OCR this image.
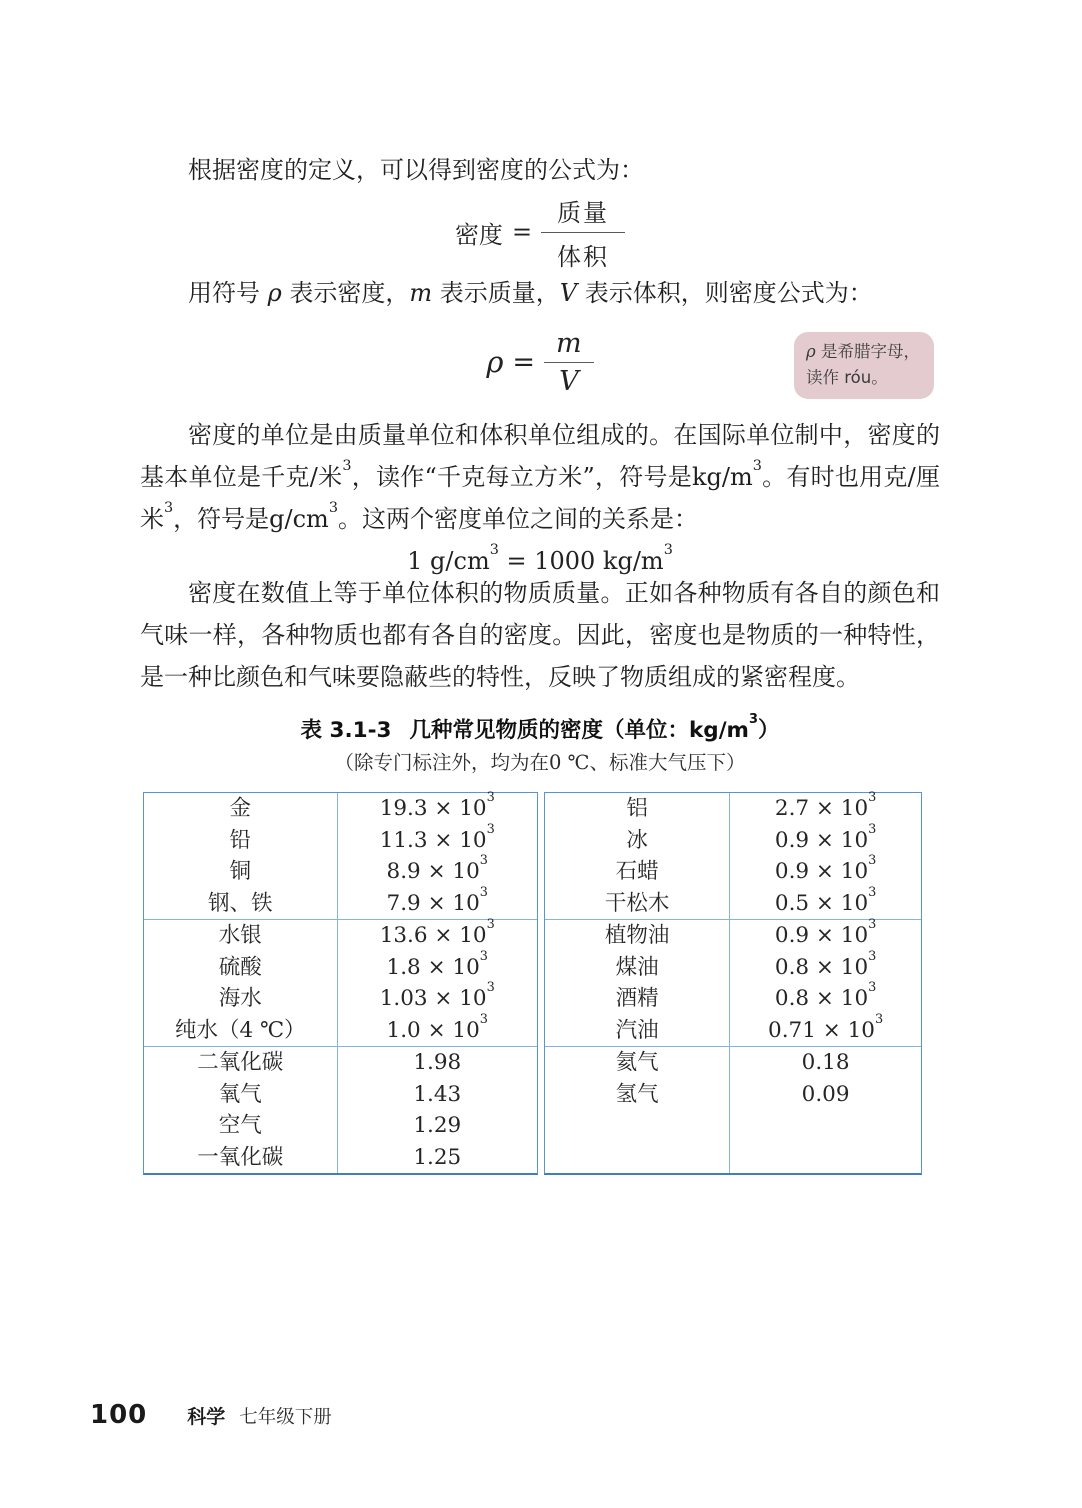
根据密度的定义，可以得到密度的公式为：
密度 = $\frac{\text{质量}}{\text{体积}}$
用符号 ρ 表示密度，m 表示质量，V 表示体积，则密度公式为：
$\rho = \frac{m}{V}$	ρ 是希腊字母，读作 róu。
密度的单位是由质量单位和体积单位组成的。在国际单位制中，密度的基本单位是千克/米$^3$，读作“千克每立方米”，符号是$kg/m^3$。有时也用克/厘米$^3$，符号是$g/cm^3$。这两个密度单位之间的关系是：
1 $g/cm^3 = 1000$ $kg/m^3$
密度在数值上等于单位体积的物质质量。正如各种物质有各自的颜色和气味一样，各种物质也都有各自的密度。因此，密度也是物质的一种特性，是一种比颜色和气味要隐蔽些的特性，反映了物质组成的紧密程度。
表 3.1-3 几种常见物质的密度（单位：$kg/m^3$）
（除专门标注外，均为在0 ℃、标准大气压下）
金
铅
铜
钢、铁
$19.3 \times 10^3$
$11.3 \times 10^3$
$8.9 \times 10^3$
$7.9 \times 10^3$
水银
硫酸
海水
纯水（4 ℃）
$13.6 \times 10^3$
$1.8 \times 10^3$
$1.03 \times 10^3$
$1.0 \times 10^3$
二氧化碳
氧气
空气
一氧化碳
1.98
1.43
1.29
1.25
铝
冰
石蜡
干松木
$2.7 \times 10^3$
$0.9 \times 10^3$
$0.9 \times 10^3$
$0.5 \times 10^3$
植物油
煤油
酒精
汽油
$0.9 \times 10^3$
$0.8 \times 10^3$
$0.8 \times 10^3$
$0.71 \times 10^3$
氦气
氢气
0.18
0.09
100 科学 七年级下册
